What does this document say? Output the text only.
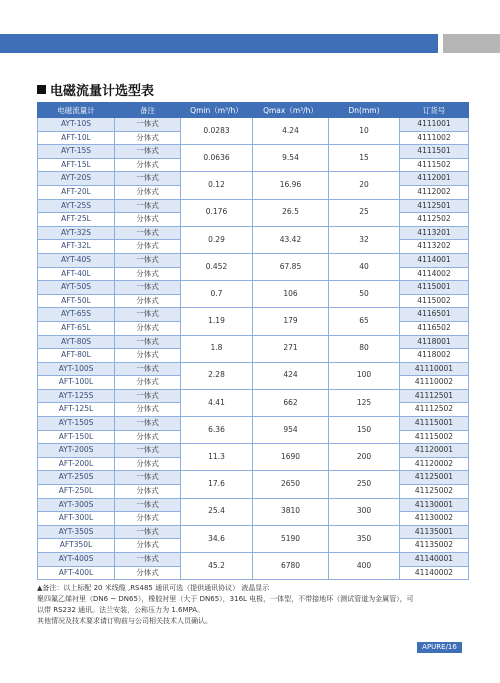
电磁流量计选型表
电磁流量计	备注	Qmin（m³/h）	Qmax（m³/h）	Dn(mm)	订货号
AYT-10S	一体式	0.0283	4.24	10	4111001
AFT-10L	分体式				4111002
AYT-15S	一体式	0.0636	9.54	15	4111501
AFT-15L	分体式				4111502
AYT-20S	一体式	0.12	16.96	20	4112001
AFT-20L	分体式				4112002
AYT-25S	一体式	0.176	26.5	25	4112501
AFT-25L	分体式				4112502
AYT-32S	一体式	0.29	43.42	32	4113201
AFT-32L	分体式				4113202
AYT-40S	一体式	0.452	67.85	40	4114001
AFT-40L	分体式				4114002
AYT-50S	一体式	0.7	106	50	4115001
AFT-50L	分体式				4115002
AYT-65S	一体式	1.19	179	65	4116501
AFT-65L	分体式				4116502
AYT-80S	一体式	1.8	271	80	4118001
AFT-80L	分体式				4118002
AYT-100S	一体式	2.28	424	100	41110001
AFT-100L	分体式				41110002
AYT-125S	一体式	4.41	662	125	41112501
AFT-125L	分体式				41112502
AYT-150S	一体式	6.36	954	150	41115001
AFT-150L	分体式				41115002
AYT-200S	一体式	11.3	1690	200	41120001
AFT-200L	分体式				41120002
AYT-250S	一体式	17.6	2650	250	41125001
AFT-250L	分体式				41125002
AYT-300S	一体式	25.4	3810	300	41130001
AFT-300L	分体式				41130002
AYT-350S	一体式	34.6	5190	350	41135001
AFT350L	分体式				41135002
AYT-400S	一体式	45.2	6780	400	41140001
AFT-400L	分体式				41140002
▲备注：以上标配 20 米线缆 ,RS485 通讯可选（提供通讯协议） 液晶显示
聚四氟乙烯衬里（DN6 ~ DN65），橡胶衬里（大于 DN65），316L 电极，一体型，不带接地环（测试管道为金属管），可
以带 RS232 通讯。法兰安装，公称压力为 1.6MPA。
其他情况及技术要求请订购前与公司相关技术人员确认。
APURE/16
